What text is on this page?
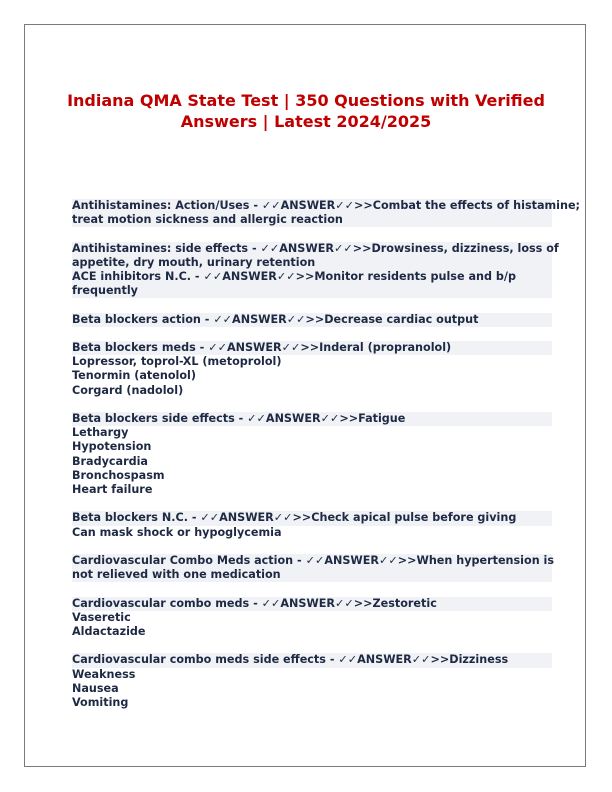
Indiana QMA State Test | 350 Questions with Verified
Answers | Latest 2024/2025
Antihistamines: Action/Uses - ✓✓ANSWER✓✓>>Combat the effects of histamine;
treat motion sickness and allergic reaction
Antihistamines: side effects - ✓✓ANSWER✓✓>>Drowsiness, dizziness, loss of
appetite, dry mouth, urinary retention
ACE inhibitors N.C. - ✓✓ANSWER✓✓>>Monitor residents pulse and b/p
frequently
Beta blockers action - ✓✓ANSWER✓✓>>Decrease cardiac output
Beta blockers meds - ✓✓ANSWER✓✓>>Inderal (propranolol)
Lopressor, toprol-XL (metoprolol)
Tenormin (atenolol)
Corgard (nadolol)
Beta blockers side effects - ✓✓ANSWER✓✓>>Fatigue
Lethargy
Hypotension
Bradycardia
Bronchospasm
Heart failure
Beta blockers N.C. - ✓✓ANSWER✓✓>>Check apical pulse before giving
Can mask shock or hypoglycemia
Cardiovascular Combo Meds action - ✓✓ANSWER✓✓>>When hypertension is
not relieved with one medication
Cardiovascular combo meds - ✓✓ANSWER✓✓>>Zestoretic
Vaseretic
Aldactazide
Cardiovascular combo meds side effects - ✓✓ANSWER✓✓>>Dizziness
Weakness
Nausea
Vomiting
